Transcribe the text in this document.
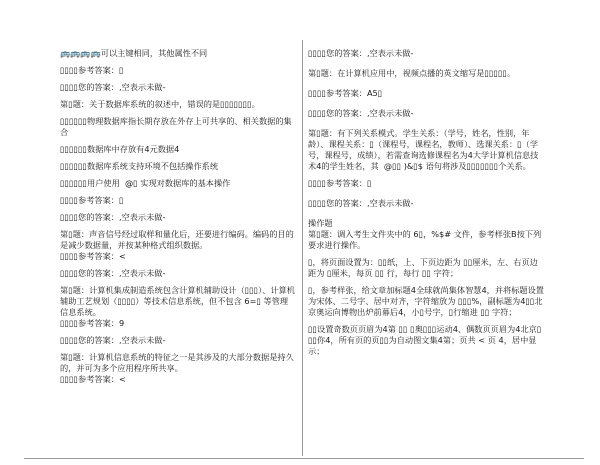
🚌🚌🚌🚌可以主键相同，其他属性不同

▯▯▯▯参考答案：▯

▯▯▯▯您的答案：,空表示未做-

第▯题：关于数据库系统的叙述中，错误的是▯▯▯▯▯▯▯。

▯▯▯▯▯▯物理数据库指长期存放在外存上可共享的、相关数据的集合

▯▯▯▯▯▯数据库中存放有4元数据4

▯▯▯▯▯▯数据库系统支持环境不包括操作系统

▯▯▯▯▯▯用户使用  @▯ 实现对数据库的基本操作

▯▯▯▯参考答案：▯

▯▯▯▯您的答案：,空表示未做-

第▯题：声音信号经过取样和量化后，还要进行编码。编码的目的是减少数据量，并按某种格式组织数据。

▯▯▯▯参考答案：<

▯▯▯▯您的答案：,空表示未做-

第▯题：计算机集成制造系统包含计算机辅助设计（▯▯▯）、计算机辅助工艺规划（▯▯▯▯）等技术信息系统，但不包含 6=▯ 等管理信息系统。

▯▯▯▯参考答案：9

▯▯▯▯您的答案：,空表示未做-

第▯题：计算机信息系统的特征之一是其涉及的大部分数据是持久的，并可为多个应用程序所共享。

▯▯▯▯参考答案：<

▯▯▯▯您的答案：,空表示未做-

第▯题：在计算机应用中，视频点播的英文缩写是▯▯▯▯▯。

▯▯▯▯参考答案：A5▯

▯▯▯▯您的答案：,空表示未做-

第▯题：有下列关系模式。学生关系：（学号，姓名，性别，年龄）、课程关系：▯（课程号，课程名，教师）、选课关系：▯（学号，课程号，成绩），若需查询选修课程名为4大学计算机信息技术4的学生姓名，其  @▯▯ )&▯$ 语句将涉及▯▯▯▯▯▯▯个关系。

▯▯▯▯参考答案：▯

▯▯▯▯您的答案：,空表示未做-

操作题

第▯题：调入考生文件夹中的 6▯，%$# 文件，参考样张B按下列要求进行操作。

▯，将页面设置为：▯▯纸，上、下页边距为 ▯▯厘米，左、右页边距为 ▯厘米，每页 ▯▯ 行，每行 ▯▯ 字符；

▯，参考样张，给文章加标题4全球就尚集体智慧4，并将标题设置为宋体、二号字、居中对齐，字符缩放为 ▯▯▯%，副标题为4▯▯北京奥运向博物出炉前幕后4，小▯号字，▯行缩进 ▯▯ 字符；

▯▯设置奇数页页眉为4第 ▯▯ ▯奥▯▯▯运动4、偶数页页眉为4北京▯▯▯你4，所有页的页▯▯为自动图文集4第；页共 < 页 4，居中显示；
